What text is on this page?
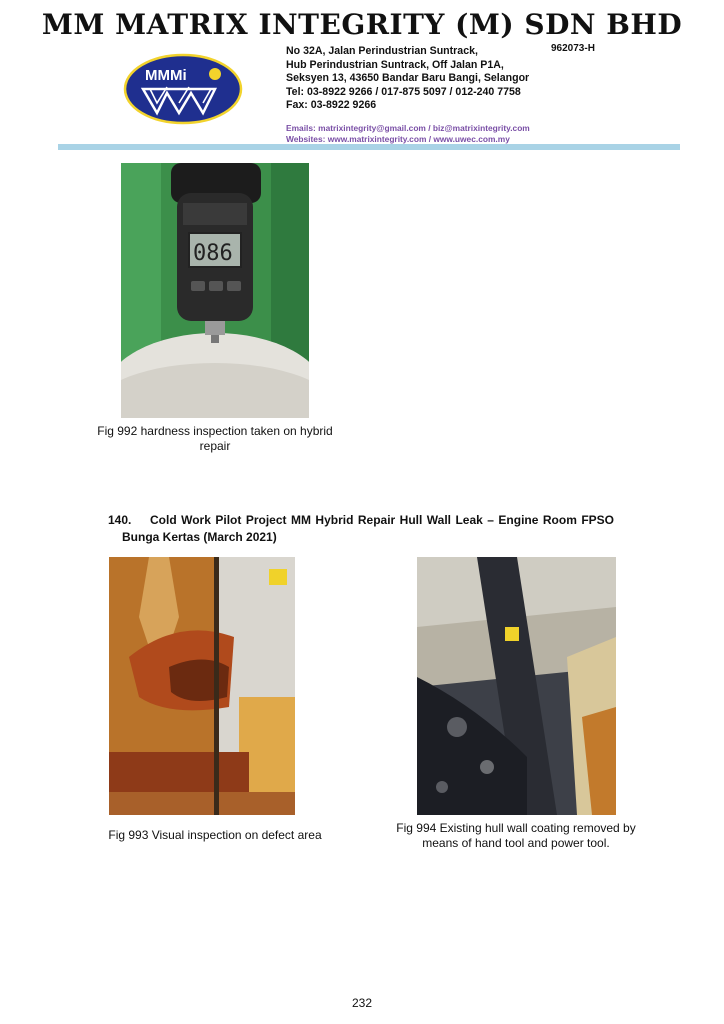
MM MATRIX INTEGRITY (M) SDN BHD
MMMi
962073-H
No 32A, Jalan Perindustrian Suntrack,
Hub Perindustrian Suntrack, Off Jalan P1A,
Seksyen 13, 43650 Bandar Baru Bangi, Selangor
Tel: 03-8922 9266 / 017-875 5097 / 012-240 7758
Fax: 03-8922 9266
Emails: matrixintegrity@gmail.com / biz@matrixintegrity.com
Websites: www.matrixintegrity.com / www.uwec.com.my
086
Fig 992 hardness inspection taken on hybrid
repair
140. Cold Work Pilot Project MM Hybrid Repair Hull Wall Leak – Engine Room FPSO
Bunga Kertas (March 2021)
Fig 993 Visual inspection on defect area	Fig 994 Existing hull wall coating removed by
means of hand tool and power tool.
232
